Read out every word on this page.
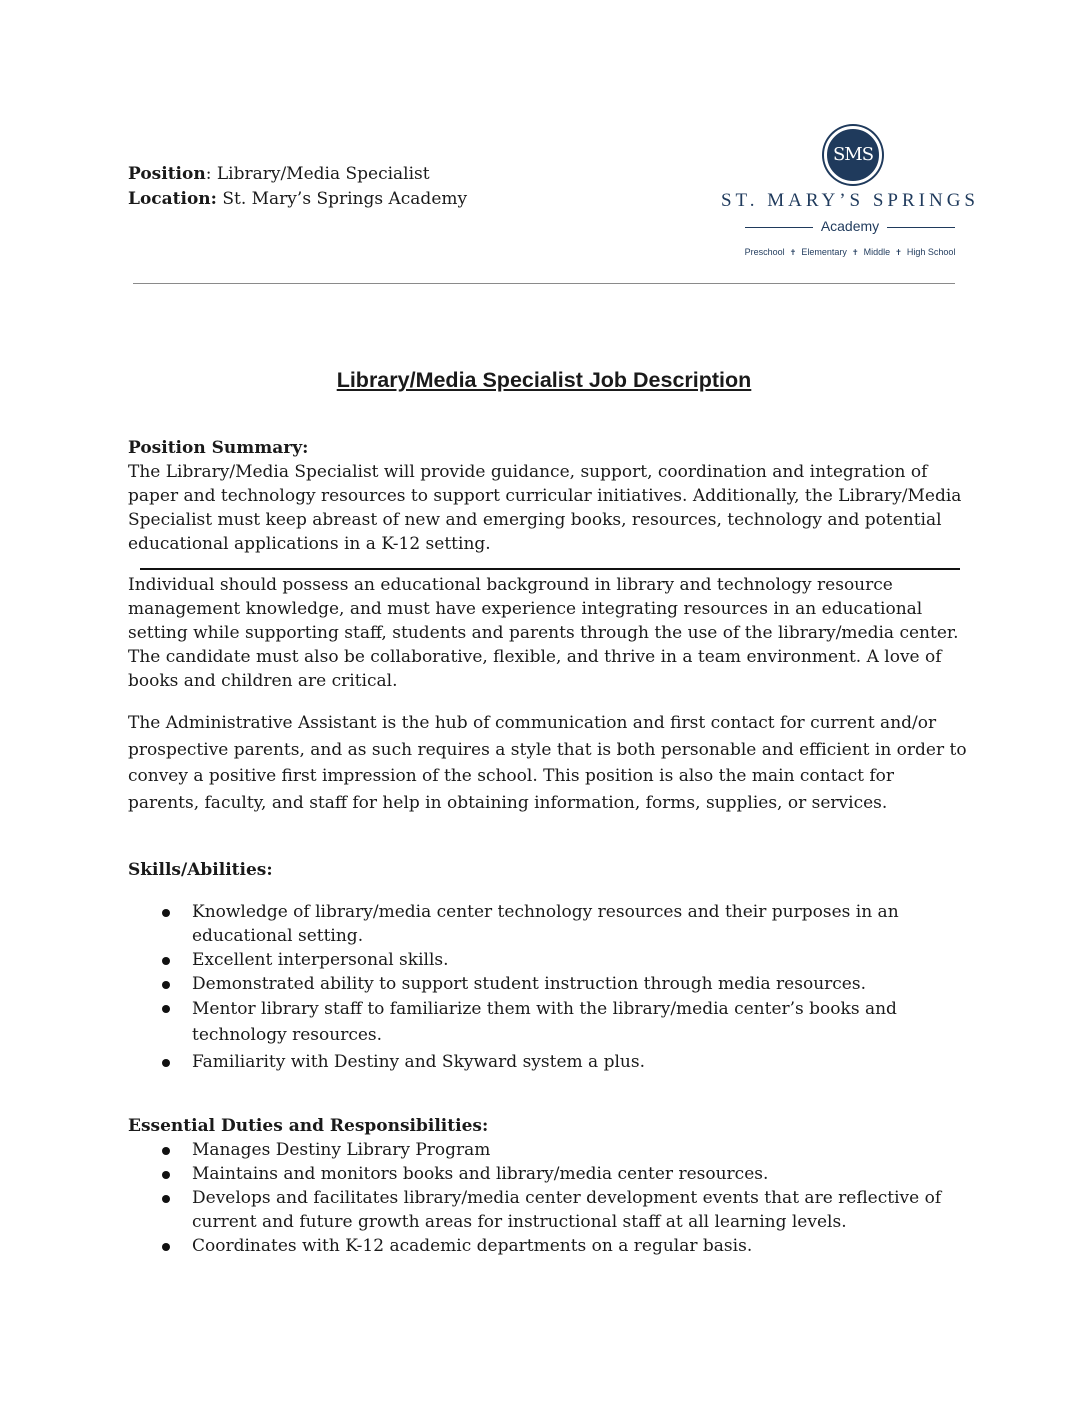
Position: Library/Media Specialist
Location: St. Mary’s Springs Academy
SMS
ST. MARY’S SPRINGS
Academy
Preschool ✝ Elementary ✝ Middle ✝ High School
Library/Media Specialist Job Description
Position Summary:
The Library/Media Specialist will provide guidance, support, coordination and integration of paper and technology resources to support curricular initiatives. Additionally, the Library/Media Specialist must keep abreast of new and emerging books, resources, technology and potential educational applications in a K-12 setting.
Individual should possess an educational background in library and technology resource management knowledge, and must have experience integrating resources in an educational setting while supporting staff, students and parents through the use of the library/media center. The candidate must also be collaborative, flexible, and thrive in a team environment. A love of books and children are critical.
The Administrative Assistant is the hub of communication and first contact for current and/or prospective parents, and as such requires a style that is both personable and efficient in order to convey a positive first impression of the school. This position is also the main contact for parents, faculty, and staff for help in obtaining information, forms, supplies, or services.
Skills/Abilities:
Knowledge of library/media center technology resources and their purposes in an educational setting.
Excellent interpersonal skills.
Demonstrated ability to support student instruction through media resources.
Mentor library staff to familiarize them with the library/media center’s books and technology resources.
Familiarity with Destiny and Skyward system a plus.
Essential Duties and Responsibilities:
Manages Destiny Library Program
Maintains and monitors books and library/media center resources.
Develops and facilitates library/media center development events that are reflective of current and future growth areas for instructional staff at all learning levels.
Coordinates with K-12 academic departments on a regular basis.
